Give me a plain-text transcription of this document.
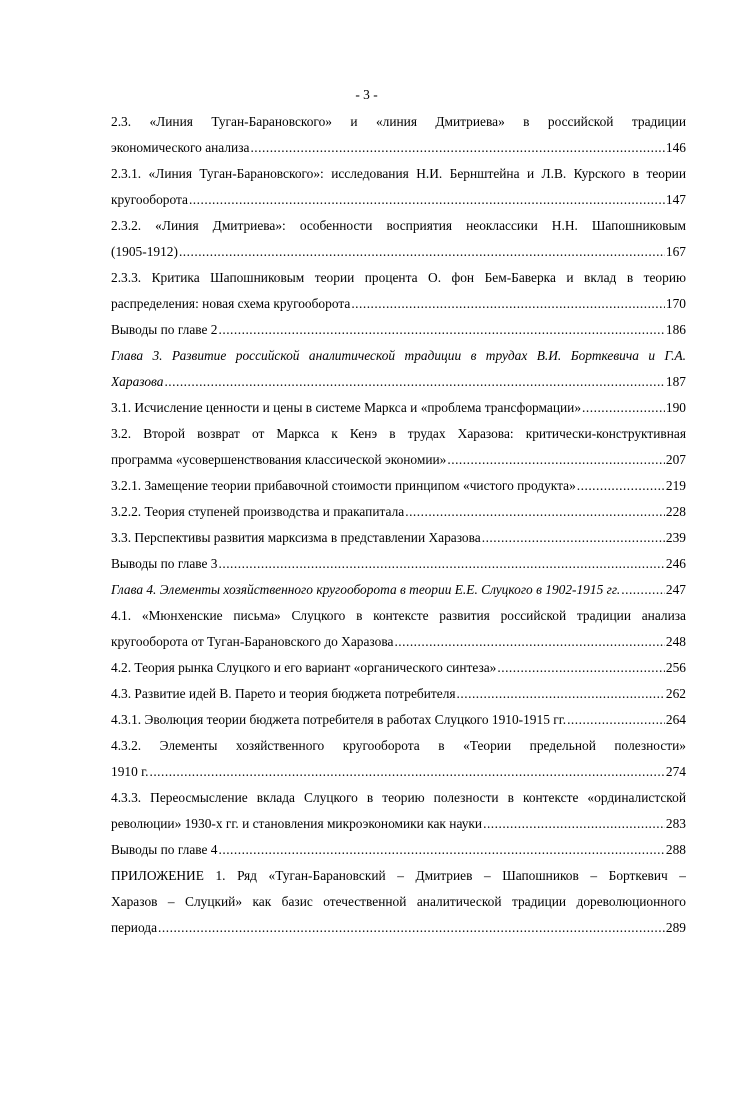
- 3 -
2.3. «Линия Туган-Барановского» и «линия Дмитриева» в российской традиции
экономического анализа .....	146
2.3.1. «Линия Туган-Барановского»: исследования Н.И. Бернштейна и Л.В. Курского в теории
кругооборота .....	147
2.3.2. «Линия Дмитриева»: особенности восприятия неоклассики Н.Н. Шапошниковым
(1905-1912) .....	167
2.3.3. Критика Шапошниковым теории процента О. фон Бем-Баверка и вклад в теорию
распределения: новая схема кругооборота .....	170
Выводы по главе 2 .....	186
Глава 3. Развитие российской аналитической традиции в трудах В.И. Борткевича и Г.А.
Харазова .....	187
3.1. Исчисление ценности и цены в системе Маркса и «проблема трансформации» .....	190
3.2. Второй возврат от Маркса к Кенэ в трудах Харазова: критически-конструктивная
программа «усовершенствования классической экономии» .....	207
3.2.1. Замещение теории прибавочной стоимости принципом «чистого продукта» .....	219
3.2.2. Теория ступеней производства и пракапитала .....	228
3.3. Перспективы развития марксизма в представлении Харазова .....	239
Выводы по главе 3 .....	246
Глава 4. Элементы хозяйственного кругооборота в теории Е.Е. Слуцкого в 1902-1915 гг. .....	247
4.1. «Мюнхенские письма» Слуцкого в контексте развития российской традиции анализа
кругооборота от Туган-Барановского до Харазова .....	248
4.2. Теория рынка Слуцкого и его вариант «органического синтеза» .....	256
4.3. Развитие идей В. Парето и теория бюджета потребителя .....	262
4.3.1. Эволюция теории бюджета потребителя в работах Слуцкого 1910-1915 гг. .....	264
4.3.2. Элементы хозяйственного кругооборота в «Теории предельной полезности»
1910 г. .....	274
4.3.3. Переосмысление вклада Слуцкого в теорию полезности в контексте «ординалистской
революции» 1930-х гг. и становления микроэкономики как науки .....	283
Выводы по главе 4 .....	288
ПРИЛОЖЕНИЕ 1. Ряд «Туган-Барановский – Дмитриев – Шапошников – Борткевич –
Харазов – Слуцкий» как базис отечественной аналитической традиции дореволюционного
периода .....	289
